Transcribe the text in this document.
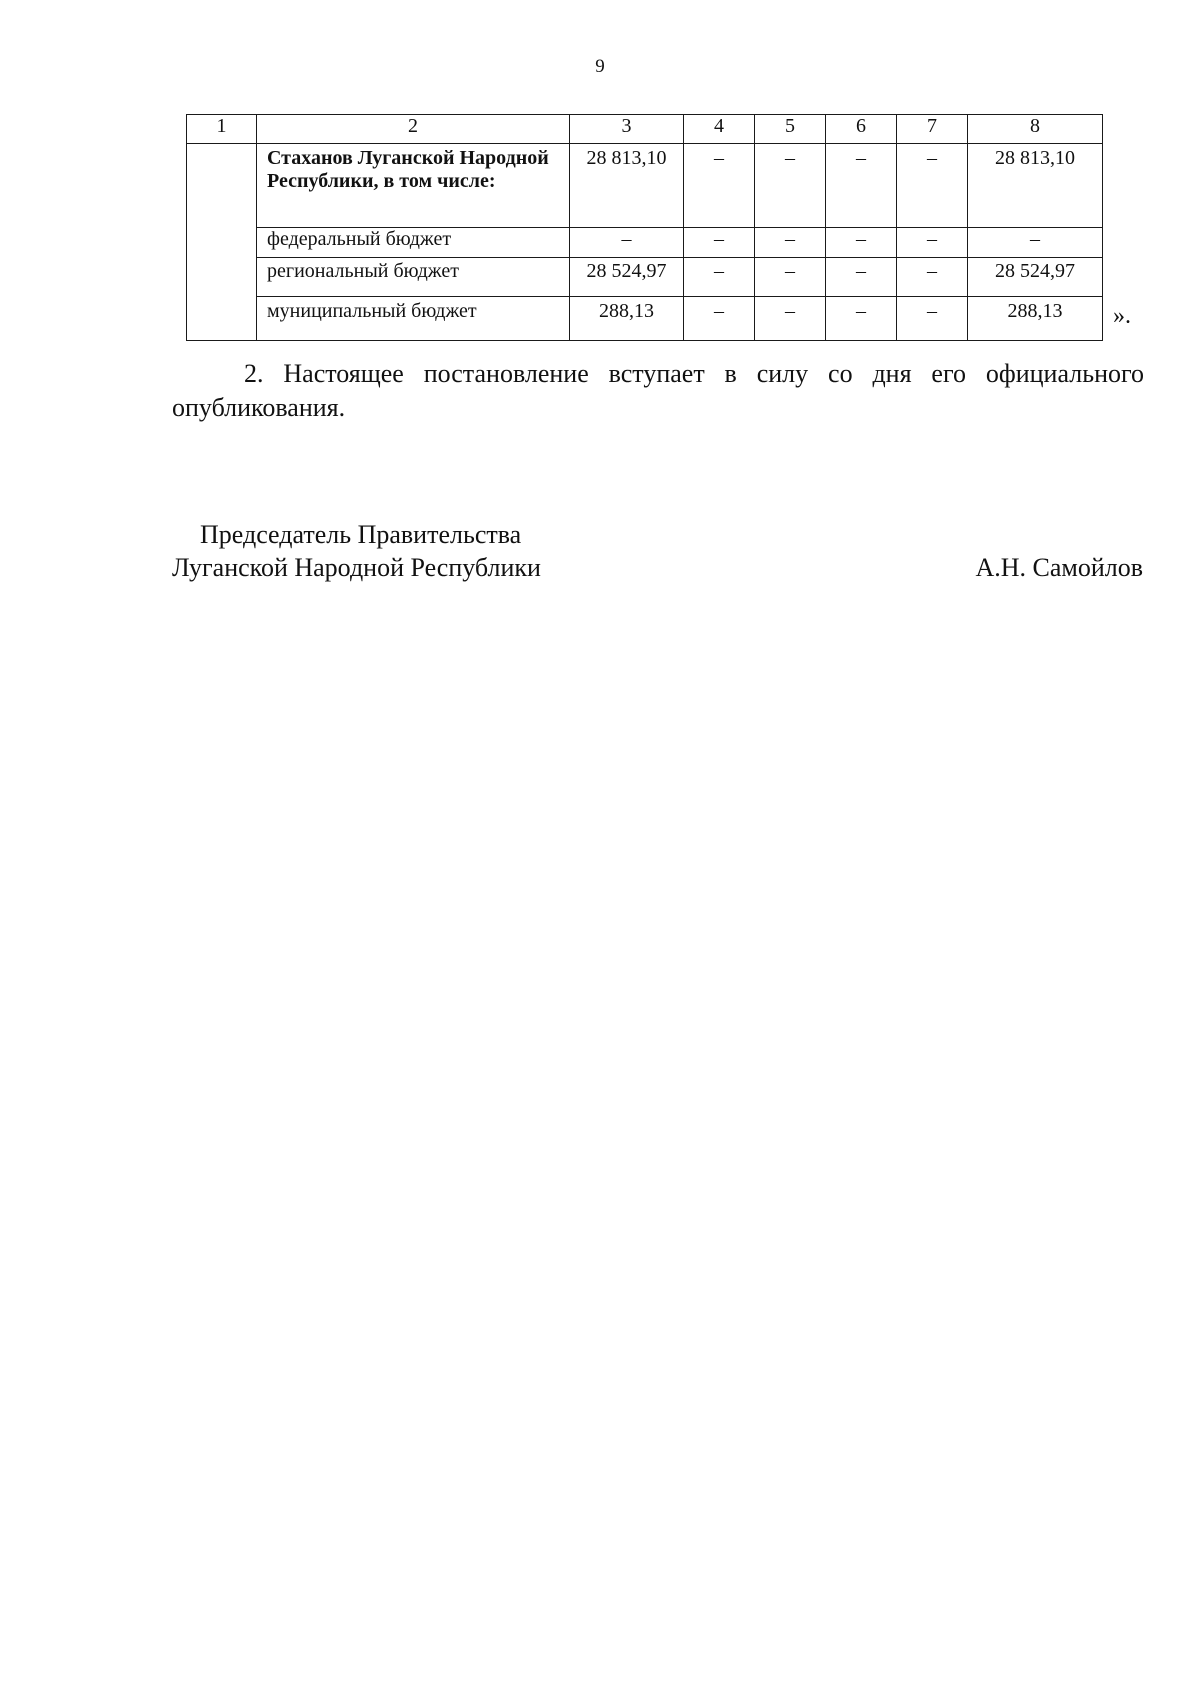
9
1	2	3	4	5	6	7	8
	Стаханов Луганской Народной Республики, в том числе:	28 813,10	–	–	–	–	28 813,10
	федеральный бюджет	–	–	–	–	–	–
	региональный бюджет	28 524,97	–	–	–	–	28 524,97
	муниципальный бюджет	288,13	–	–	–	–	288,13 ».

2. Настоящее постановление вступает в силу со дня его официального опубликования.

Председатель Правительства
Луганской Народной Республики	А.Н. Самойлов
